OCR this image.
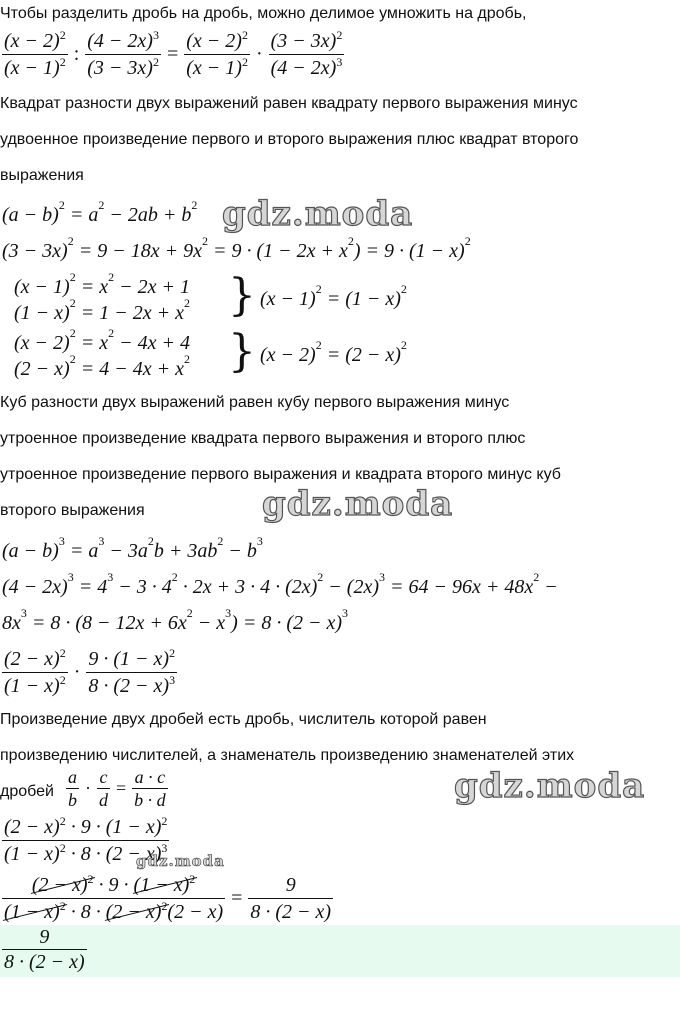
Чтобы разделить дробь на дробь, можно делимое умножить на дробь,
$\frac{(x - 2)^2}{(x - 1)^2}$ : $\frac{(4 - 2x)^3}{(3 - 3x)^2} = \frac{(x - 2)^2}{(x - 1)^2} \cdot \frac{(3 - 3x)^2}{(4 - 2x)^3}$
Квадрат разности двух выражений равен квадрату первого выражения минус
удвоенное произведение первого и второго выражения плюс квадрат второго
выражения
$(a - b)^2 = a^2 - 2ab + b^2$ gdz.moda
$(3 - 3x)^2 = 9 - 18x + 9x^2 = 9 \cdot (1 - 2x + x^2) = 9 \cdot (1 - x)^2$
$(x - 1)^2 = x^2 - 2x + 1$
$(1 - x)^2 = 1 - 2x + x^2$ } $(x - 1)^2 = (1 - x)^2$
$(x - 2)^2 = x^2 - 4x + 4$
$(2 - x)^2 = 4 - 4x + x^2$ } $(x - 2)^2 = (2 - x)^2$
Куб разности двух выражений равен кубу первого выражения минус
утроенное произведение квадрата первого выражения и второго плюс
утроенное произведение первого выражения и квадрата второго минус куб
второго выражения	gdz.moda
$(a - b)^3 = a^3 - 3a^2b + 3ab^2 - b^3$
$(4 - 2x)^3 = 4^3 - 3 \cdot 4^2 \cdot 2x + 3 \cdot 4 \cdot (2x)^2 - (2x)^3 = 64 - 96x + 48x^2$ −
$8x^3 = 8 \cdot (8 - 12x + 6x^2 - x^3) = 8 \cdot (2 - x)^3$
$\frac{(2 - x)^2}{(1 - x)^2} \cdot \frac{9 \cdot (1 - x)^2}{8 \cdot (2 - x)^3}$
Произведение двух дробей есть дробь, числитель которой равен
произведению числителей, а знаменатель произведению знаменателей этих
дробей $\frac{a}{b} \cdot \frac{c}{d} = \frac{a \cdot c}{b \cdot d}$	gdz.moda
$\frac{(2 - x)^2 \cdot 9 \cdot (1 - x)^2}{(1 - x)^2 \cdot 8 \cdot (2 - x)^3}$
gdz.moda
$\frac{(2 - x)^2 \cdot 9 \cdot (1 - x)^2}{(1 - x)^2 \cdot 8 \cdot (2 - x)^2(2 - x)} = \frac{9}{8 \cdot (2 - x)}$
$\frac{9}{8 \cdot (2 - x)}$
